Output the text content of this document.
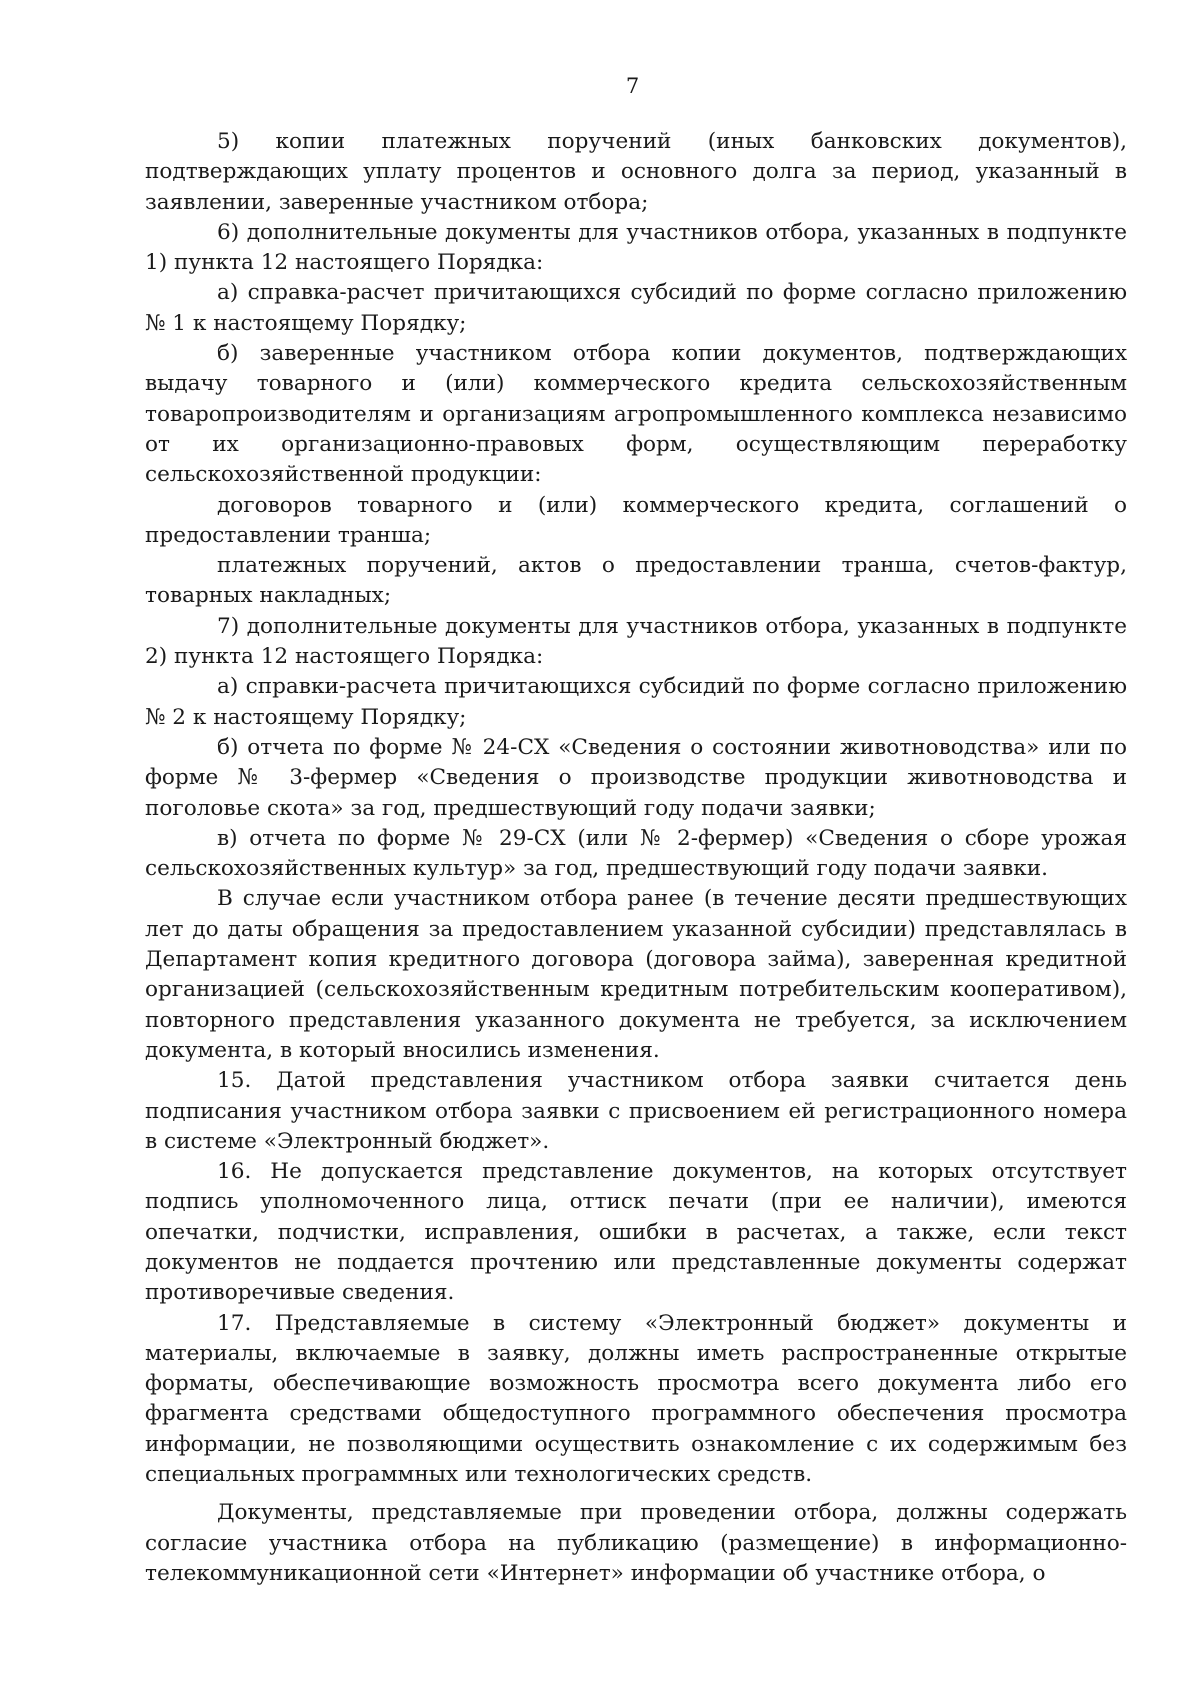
7

5) копии платежных поручений (иных банковских документов), подтверждающих уплату процентов и основного долга за период, указанный в заявлении, заверенные участником отбора;

6) дополнительные документы для участников отбора, указанных в подпункте 1) пункта 12 настоящего Порядка:

а) справка-расчет причитающихся субсидий по форме согласно приложению № 1 к настоящему Порядку;

б) заверенные участником отбора копии документов, подтверждающих выдачу товарного и (или) коммерческого кредита сельскохозяйственным товаропроизводителям и организациям агропромышленного комплекса независимо от их организационно-правовых форм, осуществляющим переработку сельскохозяйственной продукции:

договоров товарного и (или) коммерческого кредита, соглашений о предоставлении транша;

платежных поручений, актов о предоставлении транша, счетов-фактур, товарных накладных;

7) дополнительные документы для участников отбора, указанных в подпункте 2) пункта 12 настоящего Порядка:

а) справки-расчета причитающихся субсидий по форме согласно приложению № 2 к настоящему Порядку;

б) отчета по форме № 24-СХ «Сведения о состоянии животноводства» или по форме № 3-фермер «Сведения о производстве продукции животноводства и поголовье скота» за год, предшествующий году подачи заявки;

в) отчета по форме № 29-СХ (или № 2-фермер) «Сведения о сборе урожая сельскохозяйственных культур» за год, предшествующий году подачи заявки.

В случае если участником отбора ранее (в течение десяти предшествующих лет до даты обращения за предоставлением указанной субсидии) представлялась в Департамент копия кредитного договора (договора займа), заверенная кредитной организацией (сельскохозяйственным кредитным потребительским кооперативом), повторного представления указанного документа не требуется, за исключением документа, в который вносились изменения.

15. Датой представления участником отбора заявки считается день подписания участником отбора заявки с присвоением ей регистрационного номера в системе «Электронный бюджет».

16. Не допускается представление документов, на которых отсутствует подпись уполномоченного лица, оттиск печати (при ее наличии), имеются опечатки, подчистки, исправления, ошибки в расчетах, а также, если текст документов не поддается прочтению или представленные документы содержат противоречивые сведения.

17. Представляемые в систему «Электронный бюджет» документы и материалы, включаемые в заявку, должны иметь распространенные открытые форматы, обеспечивающие возможность просмотра всего документа либо его фрагмента средствами общедоступного программного обеспечения просмотра информации, не позволяющими осуществить ознакомление с их содержимым без специальных программных или технологических средств.

Документы, представляемые при проведении отбора, должны содержать согласие участника отбора на публикацию (размещение) в информационно-телекоммуникационной сети «Интернет» информации об участнике отбора, о
